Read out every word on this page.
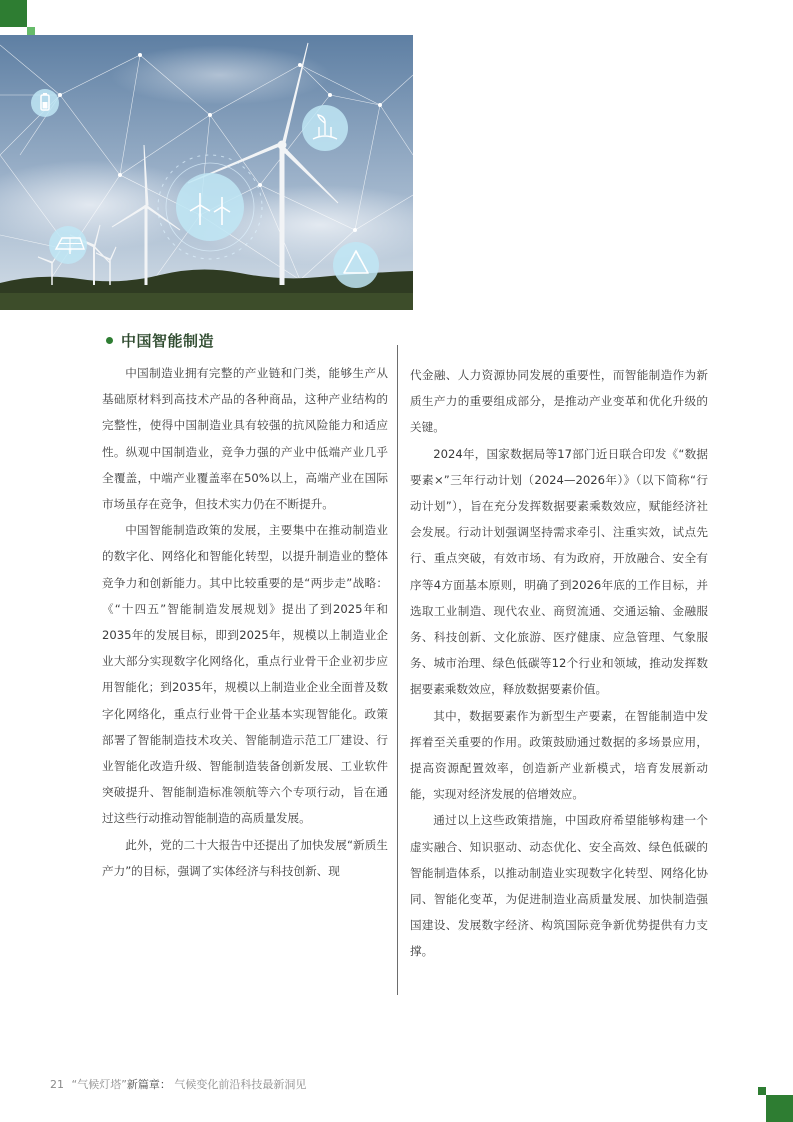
中国智能制造

中国制造业拥有完整的产业链和门类，能够生产从基础原材料到高技术产品的各种商品，这种产业结构的完整性，使得中国制造业具有较强的抗风险能力和适应性。纵观中国制造业，竞争力强的产业中低端产业几乎全覆盖，中端产业覆盖率在50%以上，高端产业在国际市场虽存在竞争，但技术实力仍在不断提升。

中国智能制造政策的发展，主要集中在推动制造业的数字化、网络化和智能化转型，以提升制造业的整体竞争力和创新能力。其中比较重要的是“两步走”战略：《“十四五”智能制造发展规划》提出了到2025年和2035年的发展目标，即到2025年，规模以上制造业企业大部分实现数字化网络化，重点行业骨干企业初步应用智能化；到2035年，规模以上制造业企业全面普及数字化网络化，重点行业骨干企业基本实现智能化。政策部署了智能制造技术攻关、智能制造示范工厂建设、行业智能化改造升级、智能制造装备创新发展、工业软件突破提升、智能制造标准领航等六个专项行动，旨在通过这些行动推动智能制造的高质量发展。

此外，党的二十大报告中还提出了加快发展“新质生产力”的目标，强调了实体经济与科技创新、现

代金融、人力资源协同发展的重要性，而智能制造作为新质生产力的重要组成部分，是推动产业变革和优化升级的关键。

2024年，国家数据局等17部门近日联合印发《“数据要素×”三年行动计划（2024—2026年）》（以下简称“行动计划”），旨在充分发挥数据要素乘数效应，赋能经济社会发展。行动计划强调坚持需求牵引、注重实效，试点先行、重点突破，有效市场、有为政府，开放融合、安全有序等4方面基本原则，明确了到2026年底的工作目标，并选取工业制造、现代农业、商贸流通、交通运输、金融服务、科技创新、文化旅游、医疗健康、应急管理、气象服务、城市治理、绿色低碳等12个行业和领域，推动发挥数据要素乘数效应，释放数据要素价值。

其中，数据要素作为新型生产要素，在智能制造中发挥着至关重要的作用。政策鼓励通过数据的多场景应用，提高资源配置效率，创造新产业新模式，培育发展新动能，实现对经济发展的倍增效应。

通过以上这些政策措施，中国政府希望能够构建一个虚实融合、知识驱动、动态优化、安全高效、绿色低碳的智能制造体系，以推动制造业实现数字化转型、网络化协同、智能化变革，为促进制造业高质量发展、加快制造强国建设、发展数字经济、构筑国际竞争新优势提供有力支撑。

21 “气候灯塔”新篇章： 气候变化前沿科技最新洞见
